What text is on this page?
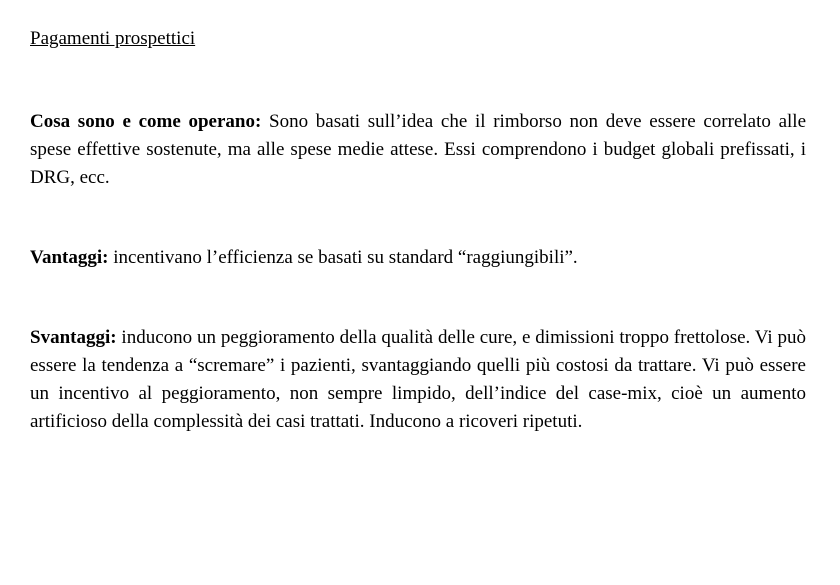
Pagamenti prospettici

Cosa sono e come operano: Sono basati sull’idea che il rimborso non deve essere correlato alle spese effettive sostenute, ma alle spese medie attese. Essi comprendono i budget globali prefissati, i DRG, ecc.

Vantaggi: incentivano l’efficienza se basati su standard “raggiungibili”.

Svantaggi: inducono un peggioramento della qualità delle cure, e dimissioni troppo frettolose. Vi può essere la tendenza a “scremare” i pazienti, svantaggiando quelli più costosi da trattare. Vi può essere un incentivo al peggioramento, non sempre limpido, dell’indice del case-mix, cioè un aumento artificioso della complessità dei casi trattati. Inducono a ricoveri ripetuti.
